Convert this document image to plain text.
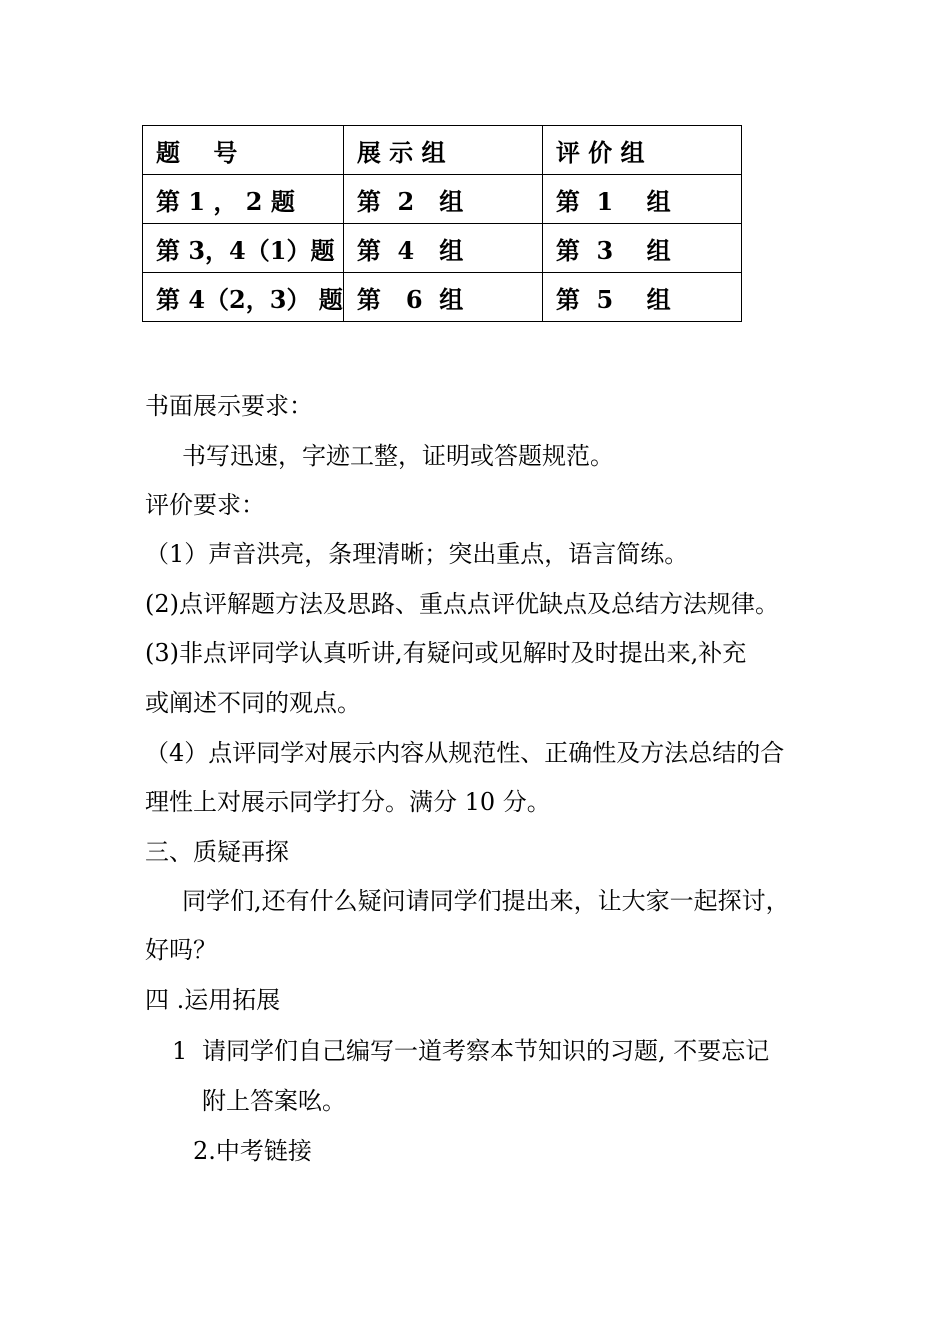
题    号	展 示 组	评 价 组
第 1 ， 2 题	第  2   组	第  1    组
第 3，4（1）题	第  4   组	第  3    组
第 4（2，3） 题	第   6  组	第  5    组
书面展示要求：
书写迅速，字迹工整，证明或答题规范。
评价要求：
（1）声音洪亮，条理清晰；突出重点，语言简练。
(2)点评解题方法及思路、重点点评优缺点及总结方法规律。
(3)非点评同学认真听讲,有疑问或见解时及时提出来,补充
或阐述不同的观点。
（4）点评同学对展示内容从规范性、正确性及方法总结的合
理性上对展示同学打分。满分 10 分。
三、质疑再探
同学们,还有什么疑问请同学们提出来，让大家一起探讨，
好吗？
四 .运用拓展
1 请同学们自己编写一道考察本节知识的习题, 不要忘记
附上答案吆。
2.中考链接
